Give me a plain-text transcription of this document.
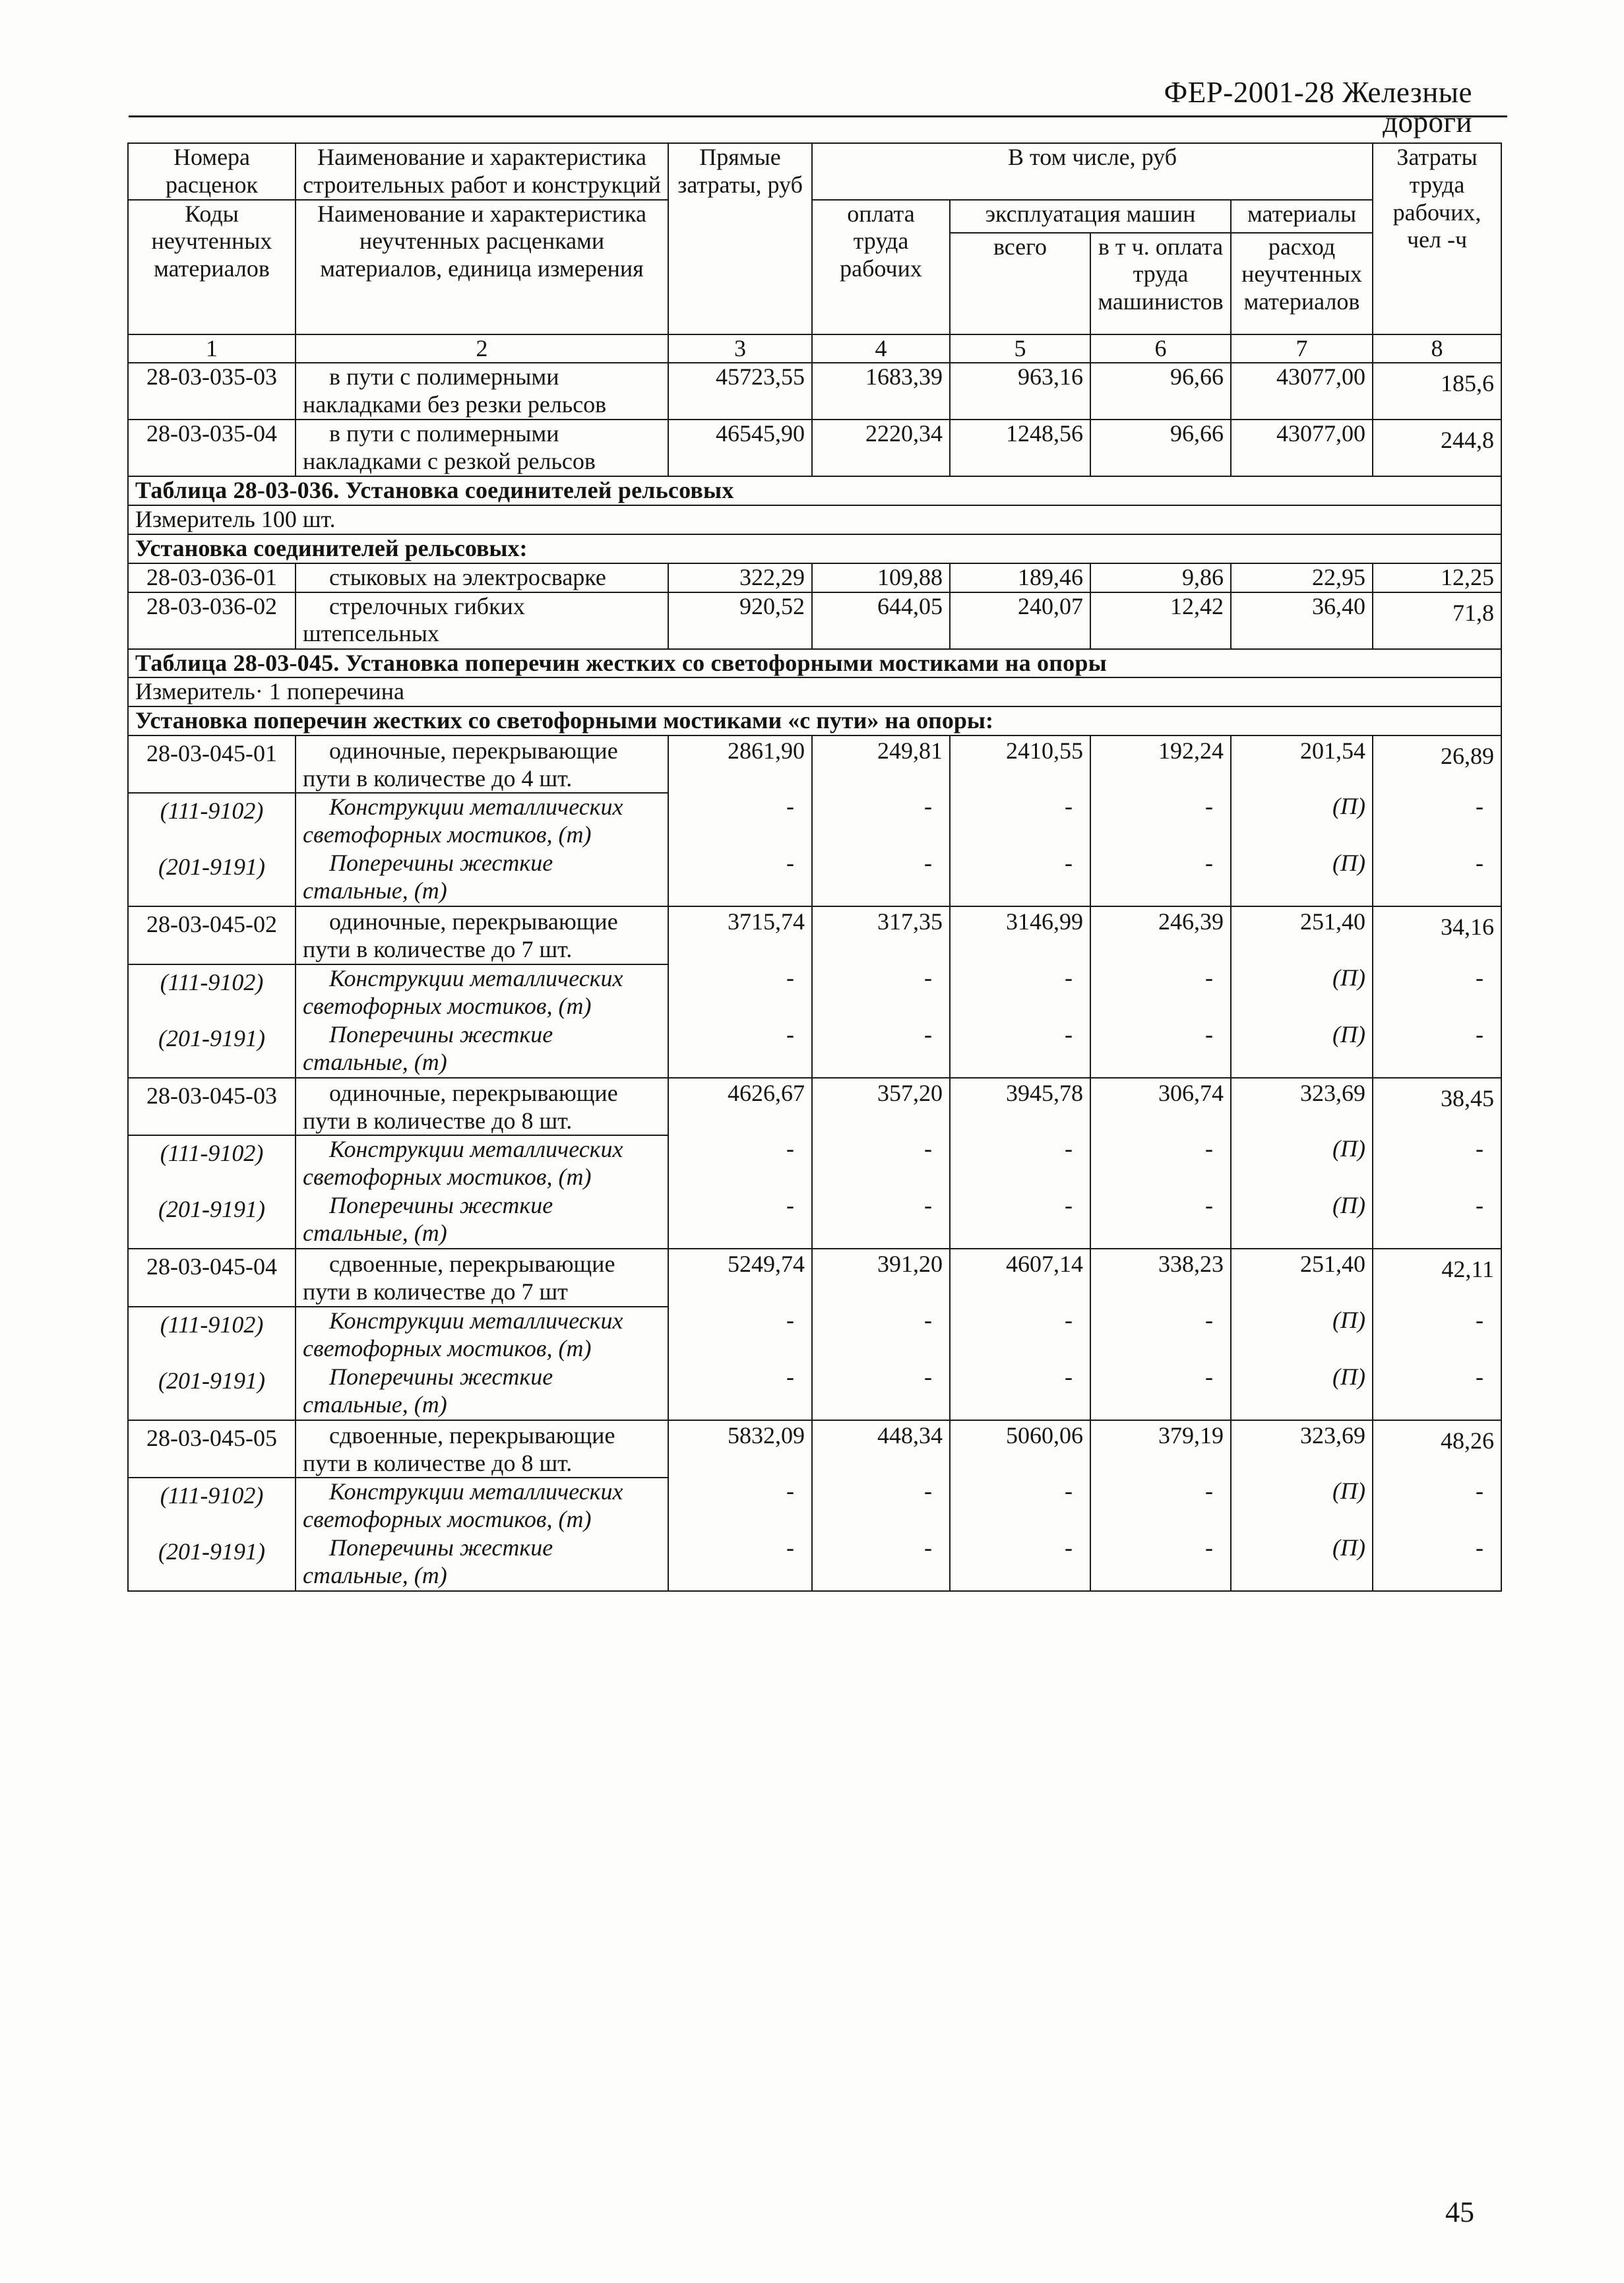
ФЕР-2001-28 Железные дороги
Номера расценок	Наименование и характеристика строительных работ и конструкций	Прямые затраты, руб	В том числе, руб				Затраты труда рабочих, чел -ч
Коды неучтенных материалов	Наименование и характеристика неучтенных расценками материалов, единица измерения		оплата труда рабочих	эксплуатация машин		материалы	
				всего	в т ч. оплата труда машинистов	расход неучтенных материалов	
1	2	3	4	5	6	7	8
28-03-035-03	в пути с полимерными накладками без резки рельсов	45723,55	1683,39	963,16	96,66	43077,00	185,6
28-03-035-04	в пути с полимерными накладками с резкой рельсов	46545,90	2220,34	1248,56	96,66	43077,00	244,8
Таблица 28-03-036. Установка соединителей рельсовых							
Измеритель 100 шт.							
Установка соединителей рельсовых:							
28-03-036-01	стыковых на электросварке	322,29	109,88	189,46	9,86	22,95	12,25
28-03-036-02	стрелочных гибких штепсельных	920,52	644,05	240,07	12,42	36,40	71,8
Таблица 28-03-045. Установка поперечин жестких со светофорными мостиками на опоры							
Измеритель· 1 поперечина							
Установка поперечин жестких со светофорными мостиками «с пути» на опоры:							
28-03-045-01	одиночные, перекрывающие пути в количестве до 4 шт.	2861,90	249,81	2410,55	192,24	201,54	26,89
(111-9102)	Конструкции металлических светофорных мостиков, (т)	-	-	-	-	(П)	-
(201-9191)	Поперечины жесткие стальные, (т)	-	-	-	-	(П)	-
28-03-045-02	одиночные, перекрывающие пути в количестве до 7 шт.	3715,74	317,35	3146,99	246,39	251,40	34,16
(111-9102)	Конструкции металлических светофорных мостиков, (т)	-	-	-	-	(П)	-
(201-9191)	Поперечины жесткие стальные, (т)	-	-	-	-	(П)	-
28-03-045-03	одиночные, перекрывающие пути в количестве до 8 шт.	4626,67	357,20	3945,78	306,74	323,69	38,45
(111-9102)	Конструкции металлических светофорных мостиков, (т)	-	-	-	-	(П)	-
(201-9191)	Поперечины жесткие стальные, (т)	-	-	-	-	(П)	-
28-03-045-04	сдвоенные, перекрывающие пути в количестве до 7 шт	5249,74	391,20	4607,14	338,23	251,40	42,11
(111-9102)	Конструкции металлических светофорных мостиков, (т)	-	-	-	-	(П)	-
(201-9191)	Поперечины жесткие стальные, (т)	-	-	-	-	(П)	-
28-03-045-05	сдвоенные, перекрывающие пути в количестве до 8 шт.	5832,09	448,34	5060,06	379,19	323,69	48,26
(111-9102)	Конструкции металлических светофорных мостиков, (т)	-	-	-	-	(П)	-
(201-9191)	Поперечины жесткие стальные, (т)	-	-	-	-	(П)	-
45
